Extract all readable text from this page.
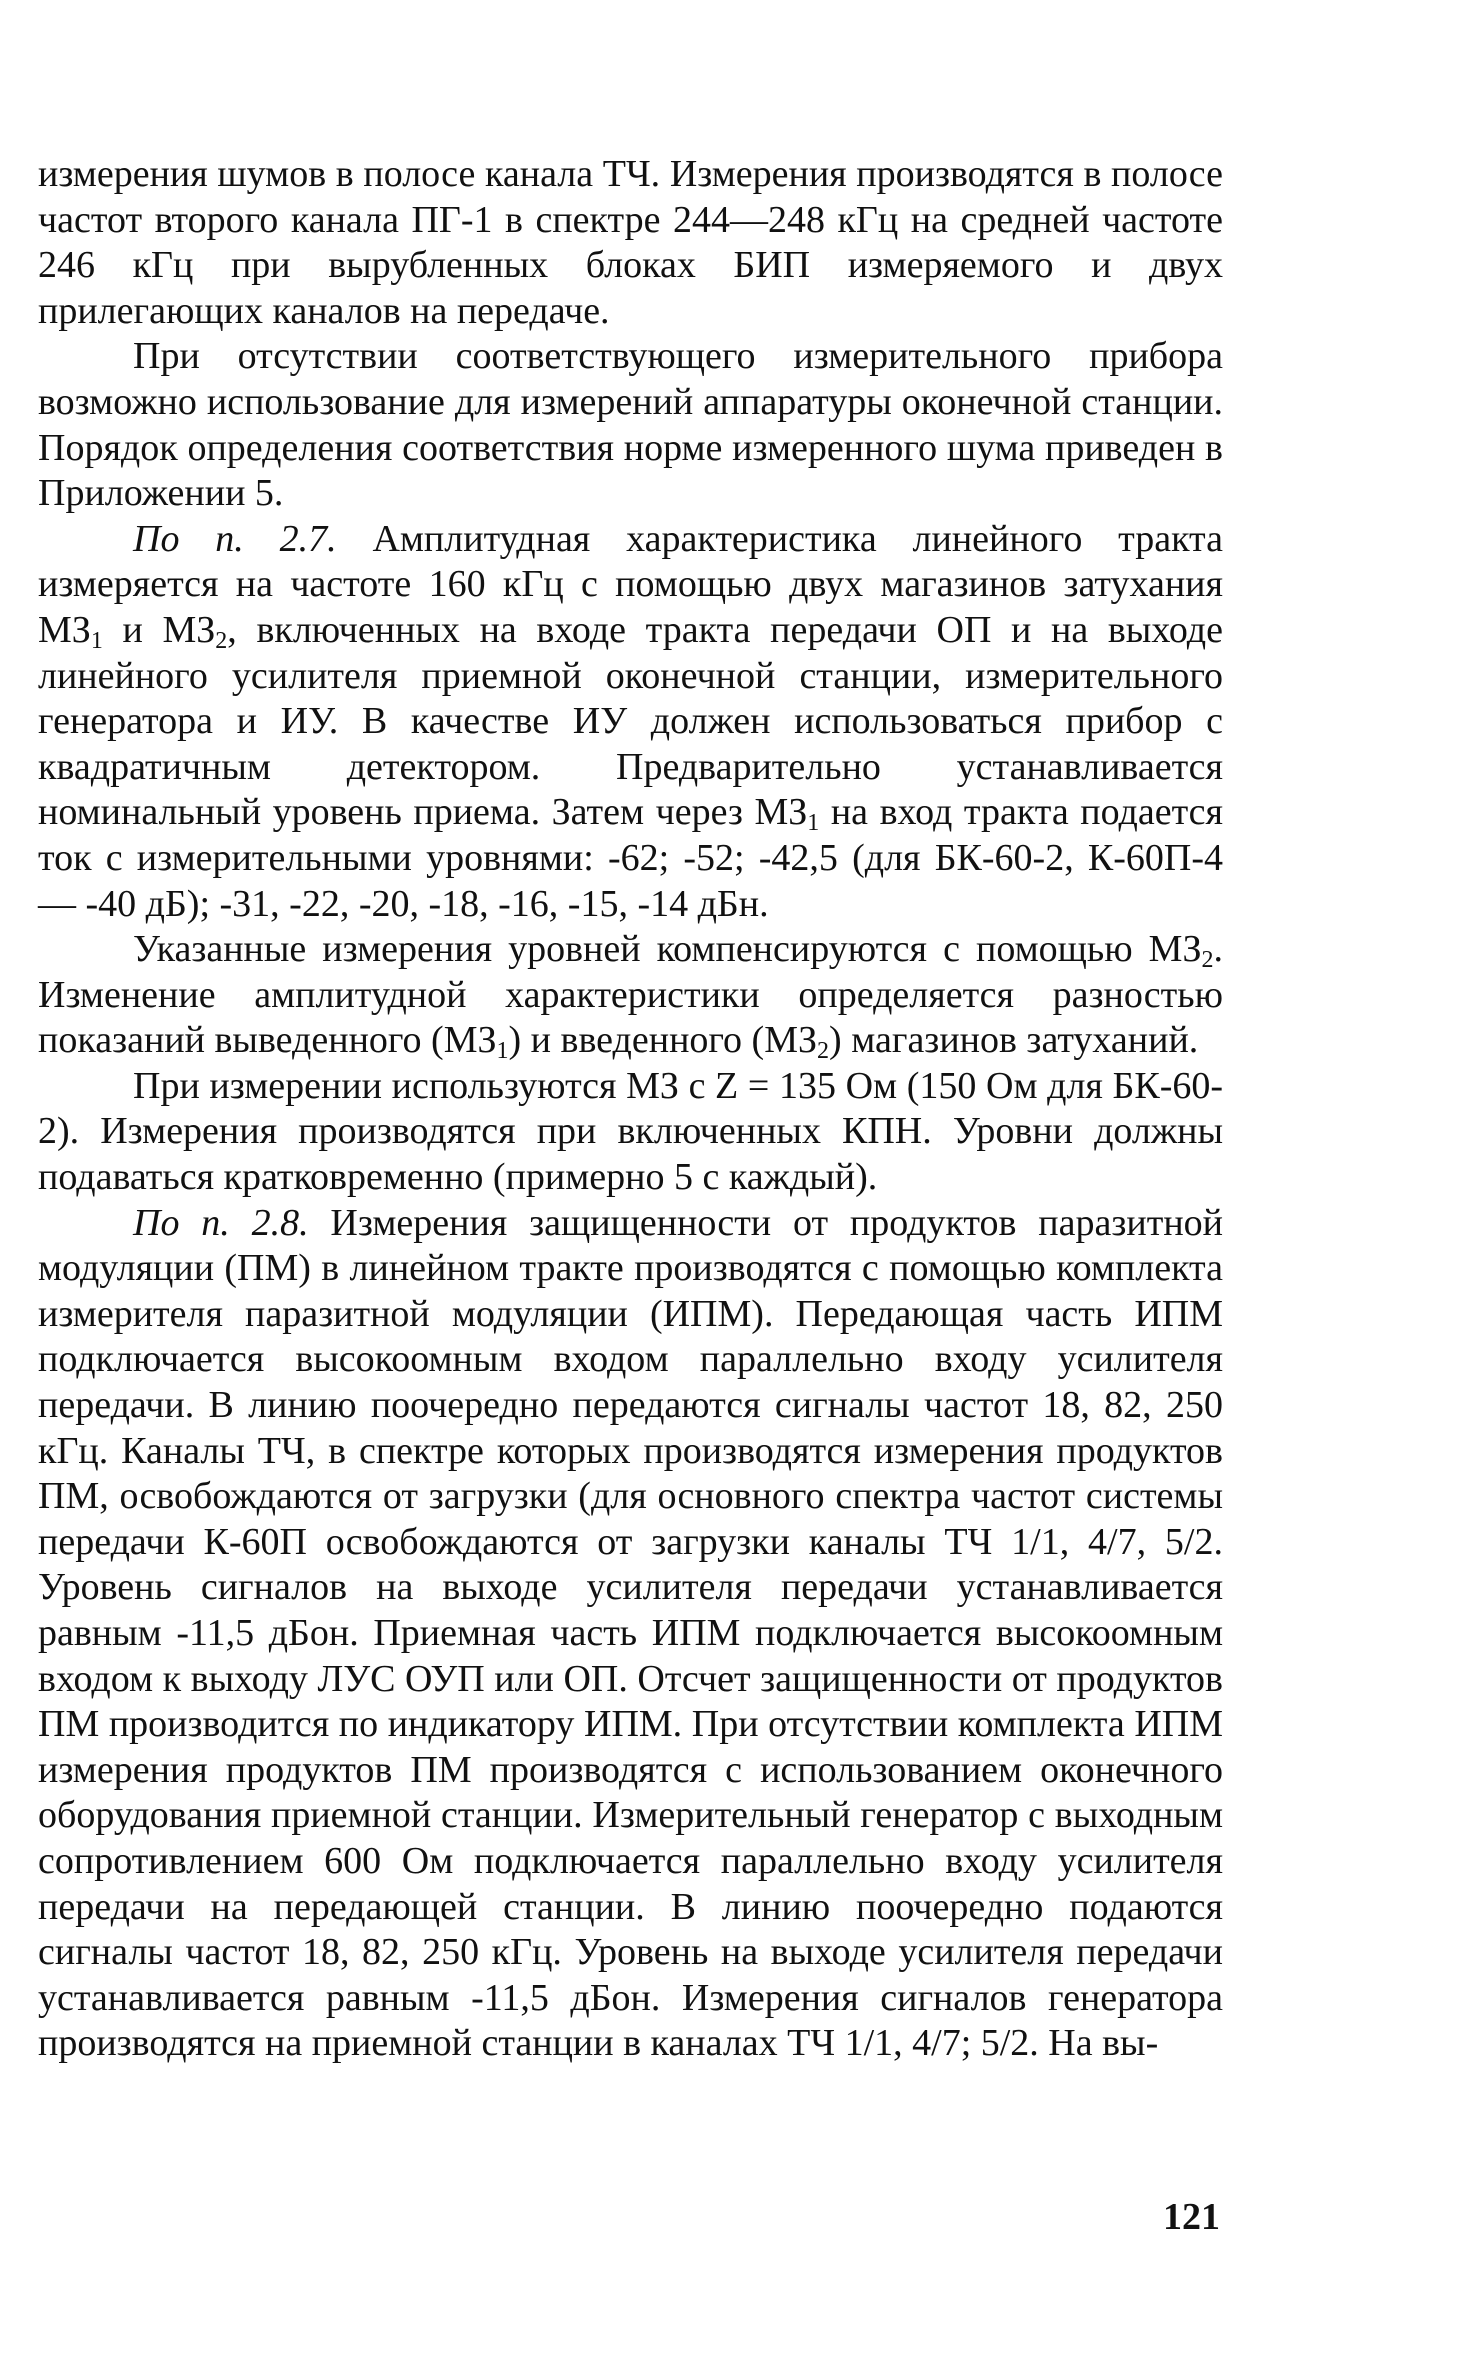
измерения шумов в полосе канала ТЧ. Измерения производятся в полосе частот второго канала ПГ-1 в спектре 244—248 кГц на средней частоте 246 кГц при вырубленных блоках БИП измеряемого и двух прилегающих каналов на передаче.

При отсутствии соответствующего измерительного прибора возможно использование для измерений аппаратуры оконечной станции. Порядок определения соответствия норме измеренного шума приведен в Приложении 5.

По п. 2.7. Амплитудная характеристика линейного тракта измеряется на частоте 160 кГц с помощью двух магазинов затухания $МЗ_1$ и $МЗ_2$, включенных на входе тракта передачи ОП и на выходе линейного усилителя приемной оконечной станции, измерительного генератора и ИУ. В качестве ИУ должен использоваться прибор с квадратичным детектором. Предварительно устанавливается номинальный уровень приема. Затем через $МЗ_1$ на вход тракта подается ток с измерительными уровнями: -62; -52; -42,5 (для БК-60-2, К-60П-4 — -40 дБ); -31, -22, -20, -18, -16, -15, -14 дБн.

Указанные измерения уровней компенсируются с помощью $МЗ_2$. Изменение амплитудной характеристики определяется разностью показаний выведенного $(МЗ_1)$ и введенного $(МЗ_2)$ магазинов затуханий.

При измерении используются МЗ с Z = 135 Ом (150 Ом для БК-60-2). Измерения производятся при включенных КПН. Уровни должны подаваться кратковременно (примерно 5 с каждый).

По п. 2.8. Измерения защищенности от продуктов паразитной модуляции (ПМ) в линейном тракте производятся с помощью комплекта измерителя паразитной модуляции (ИПМ). Передающая часть ИПМ подключается высокоомным входом параллельно входу усилителя передачи. В линию поочередно передаются сигналы частот 18, 82, 250 кГц. Каналы ТЧ, в спектре которых производятся измерения продуктов ПМ, освобождаются от загрузки (для основного спектра частот системы передачи К-60П освобождаются от загрузки каналы ТЧ 1/1, 4/7, 5/2. Уровень сигналов на выходе усилителя передачи устанавливается равным -11,5 дБон. Приемная часть ИПМ подключается высокоомным входом к выходу ЛУС ОУП или ОП. Отсчет защищенности от продуктов ПМ производится по индикатору ИПМ. При отсутствии комплекта ИПМ измерения продуктов ПМ производятся с использованием оконечного оборудования приемной станции. Измерительный генератор с выходным сопротивлением 600 Ом подключается параллельно входу усилителя передачи на передающей станции. В линию поочередно подаются сигналы частот 18, 82, 250 кГц. Уровень на выходе усилителя передачи устанавливается равным -11,5 дБон. Измерения сигналов генератора производятся на приемной станции в каналах ТЧ 1/1, 4/7; 5/2. На вы-

121
